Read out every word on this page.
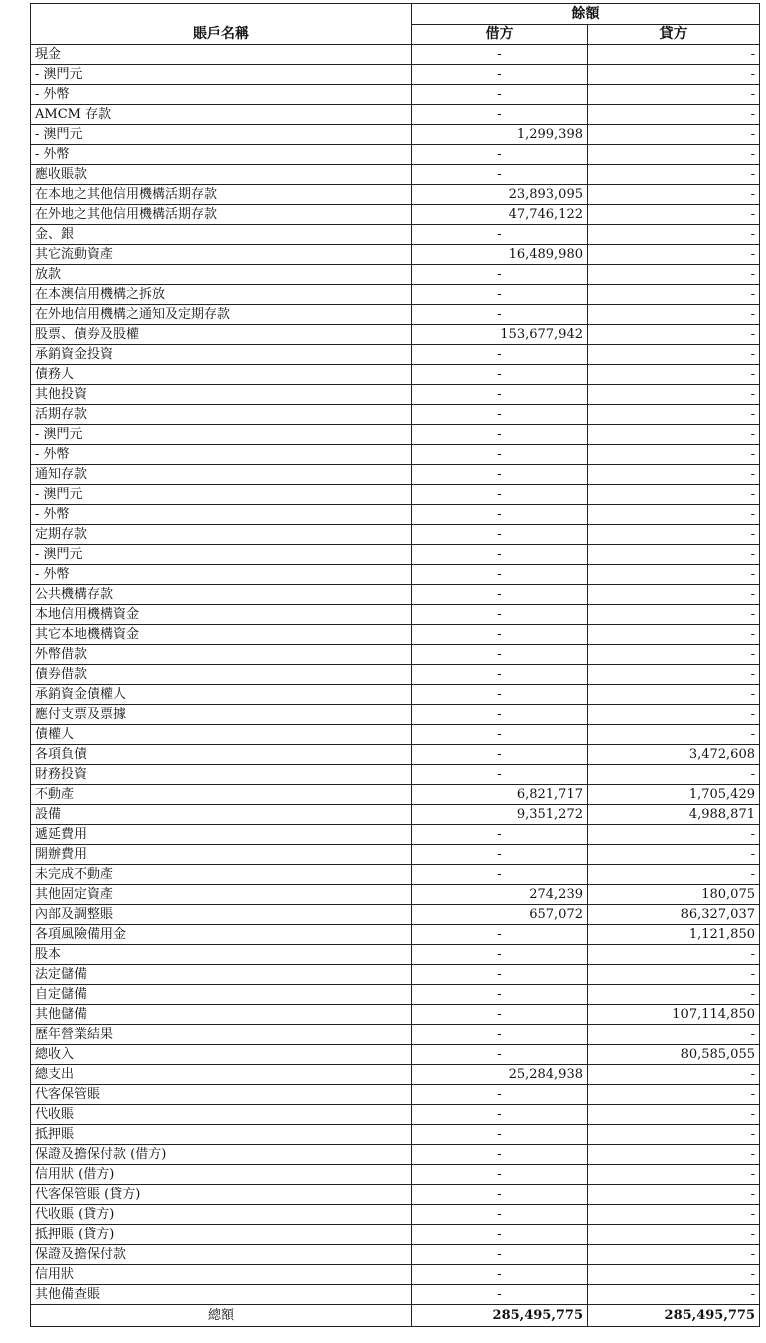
賬戶名稱	餘額	
	借方	貸方
現金	-	-
- 澳門元	-	-
- 外幣	-	-
AMCM 存款	-	-
- 澳門元	1,299,398	-
- 外幣	-	-
應收賬款	-	-
在本地之其他信用機構活期存款	23,893,095	-
在外地之其他信用機構活期存款	47,746,122	-
金、銀	-	-
其它流動資產	16,489,980	-
放款	-	-
在本澳信用機構之拆放	-	-
在外地信用機構之通知及定期存款	-	-
股票、債券及股權	153,677,942	-
承銷資金投資	-	-
債務人	-	-
其他投資	-	-
活期存款	-	-
- 澳門元	-	-
- 外幣	-	-
通知存款	-	-
- 澳門元	-	-
- 外幣	-	-
定期存款	-	-
- 澳門元	-	-
- 外幣	-	-
公共機構存款	-	-
本地信用機構資金	-	-
其它本地機構資金	-	-
外幣借款	-	-
債券借款	-	-
承銷資金債權人	-	-
應付支票及票據	-	-
債權人	-	-
各項負債	-	3,472,608
財務投資	-	-
不動產	6,821,717	1,705,429
設備	9,351,272	4,988,871
遞延費用	-	-
開辦費用	-	-
未完成不動產	-	-
其他固定資產	274,239	180,075
內部及調整賬	657,072	86,327,037
各項風險備用金	-	1,121,850
股本	-	-
法定儲備	-	-
自定儲備	-	-
其他儲備	-	107,114,850
歷年營業結果	-	-
總收入	-	80,585,055
總支出	25,284,938	-
代客保管賬	-	-
代收賬	-	-
抵押賬	-	-
保證及擔保付款 (借方)	-	-
信用狀 (借方)	-	-
代客保管賬 (貸方)	-	-
代收賬 (貸方)	-	-
抵押賬 (貸方)	-	-
保證及擔保付款	-	-
信用狀	-	-
其他備查賬	-	-
總額	285,495,775	285,495,775
